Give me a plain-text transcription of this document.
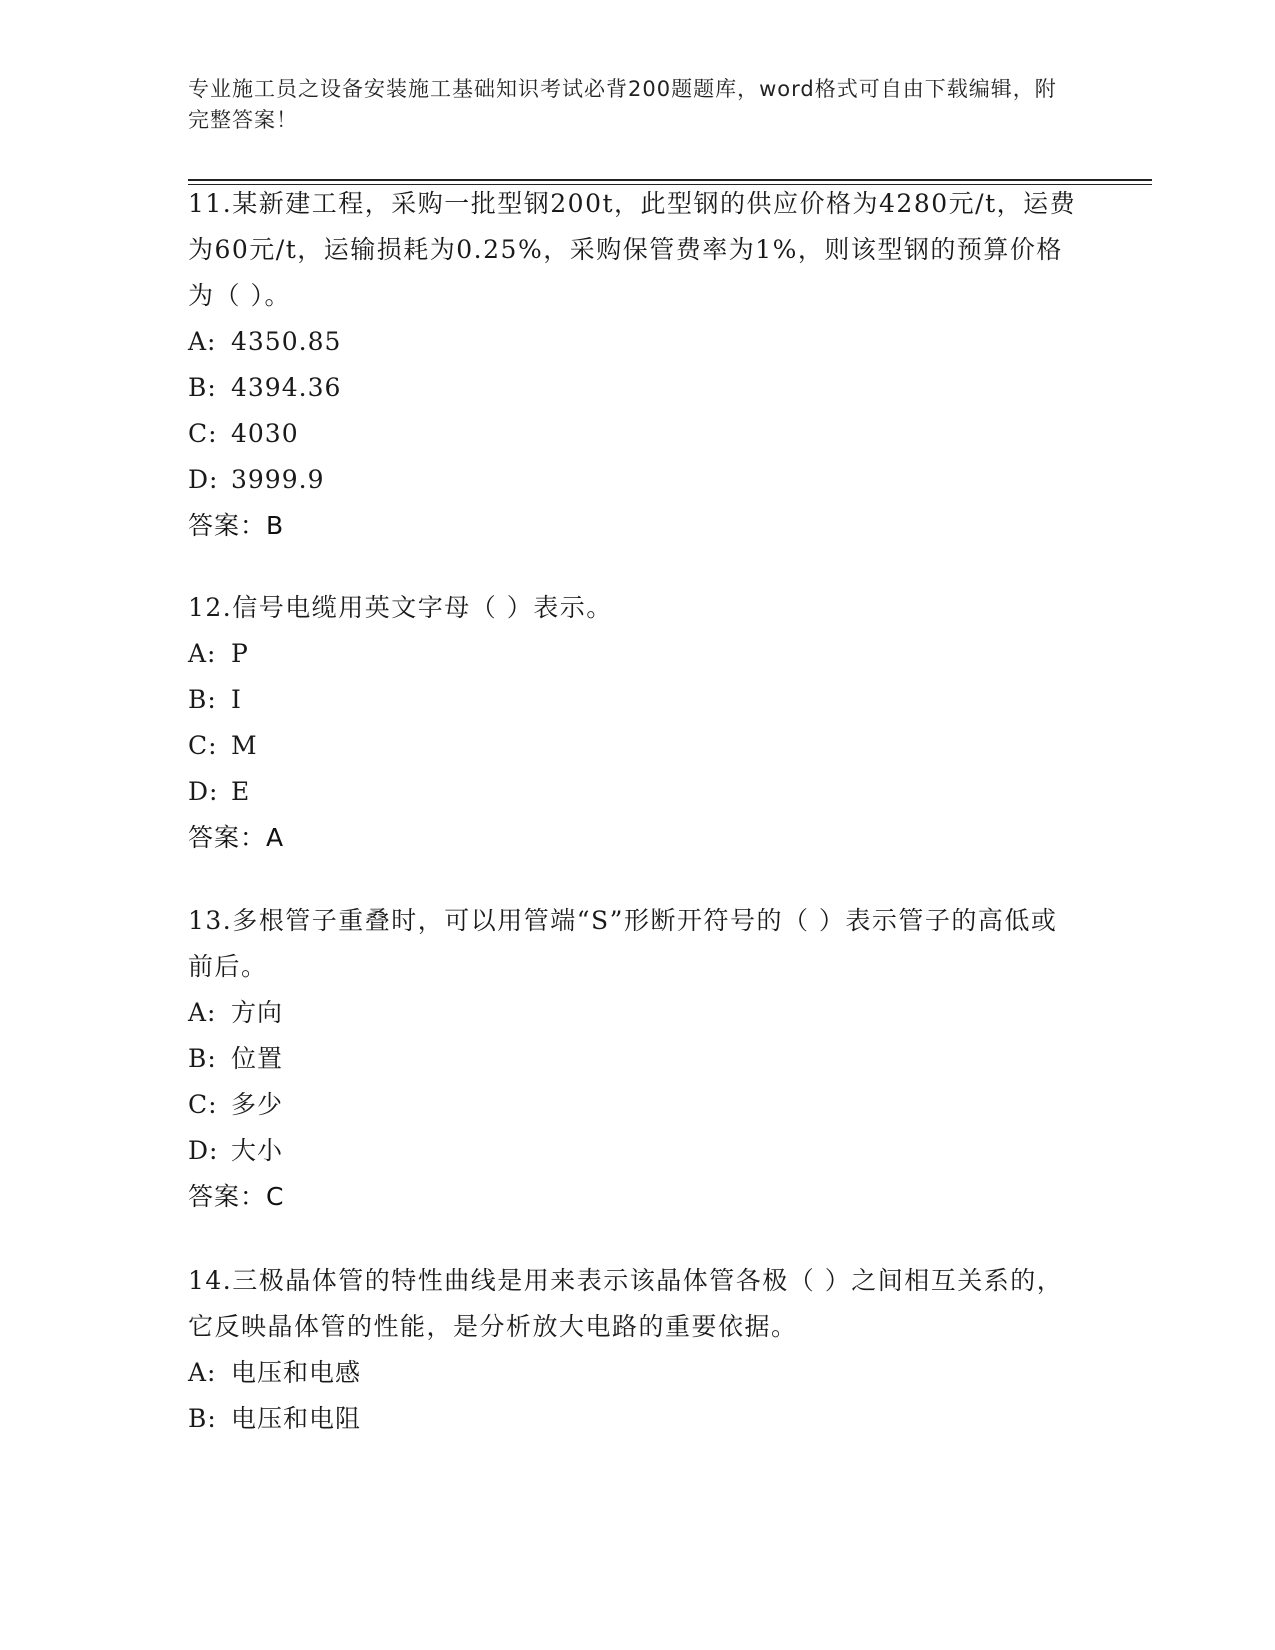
专业施工员之设备安装施工基础知识考试必背200题题库，word格式可自由下载编辑，附完整答案！
11.某新建工程，采购一批型钢200t，此型钢的供应价格为4280元/t，运费为60元/t，运输损耗为0.25%，采购保管费率为1%，则该型钢的预算价格为（ ）。
A: 4350.85
B: 4394.36
C: 4030
D: 3999.9
答案：B
12.信号电缆用英文字母（ ）表示。
A: P
B: I
C: M
D: E
答案：A
13.多根管子重叠时，可以用管端“S”形断开符号的（ ）表示管子的高低或前后。
A: 方向
B: 位置
C: 多少
D: 大小
答案：C
14.三极晶体管的特性曲线是用来表示该晶体管各极（ ）之间相互关系的，它反映晶体管的性能，是分析放大电路的重要依据。
A: 电压和电感
B: 电压和电阻
